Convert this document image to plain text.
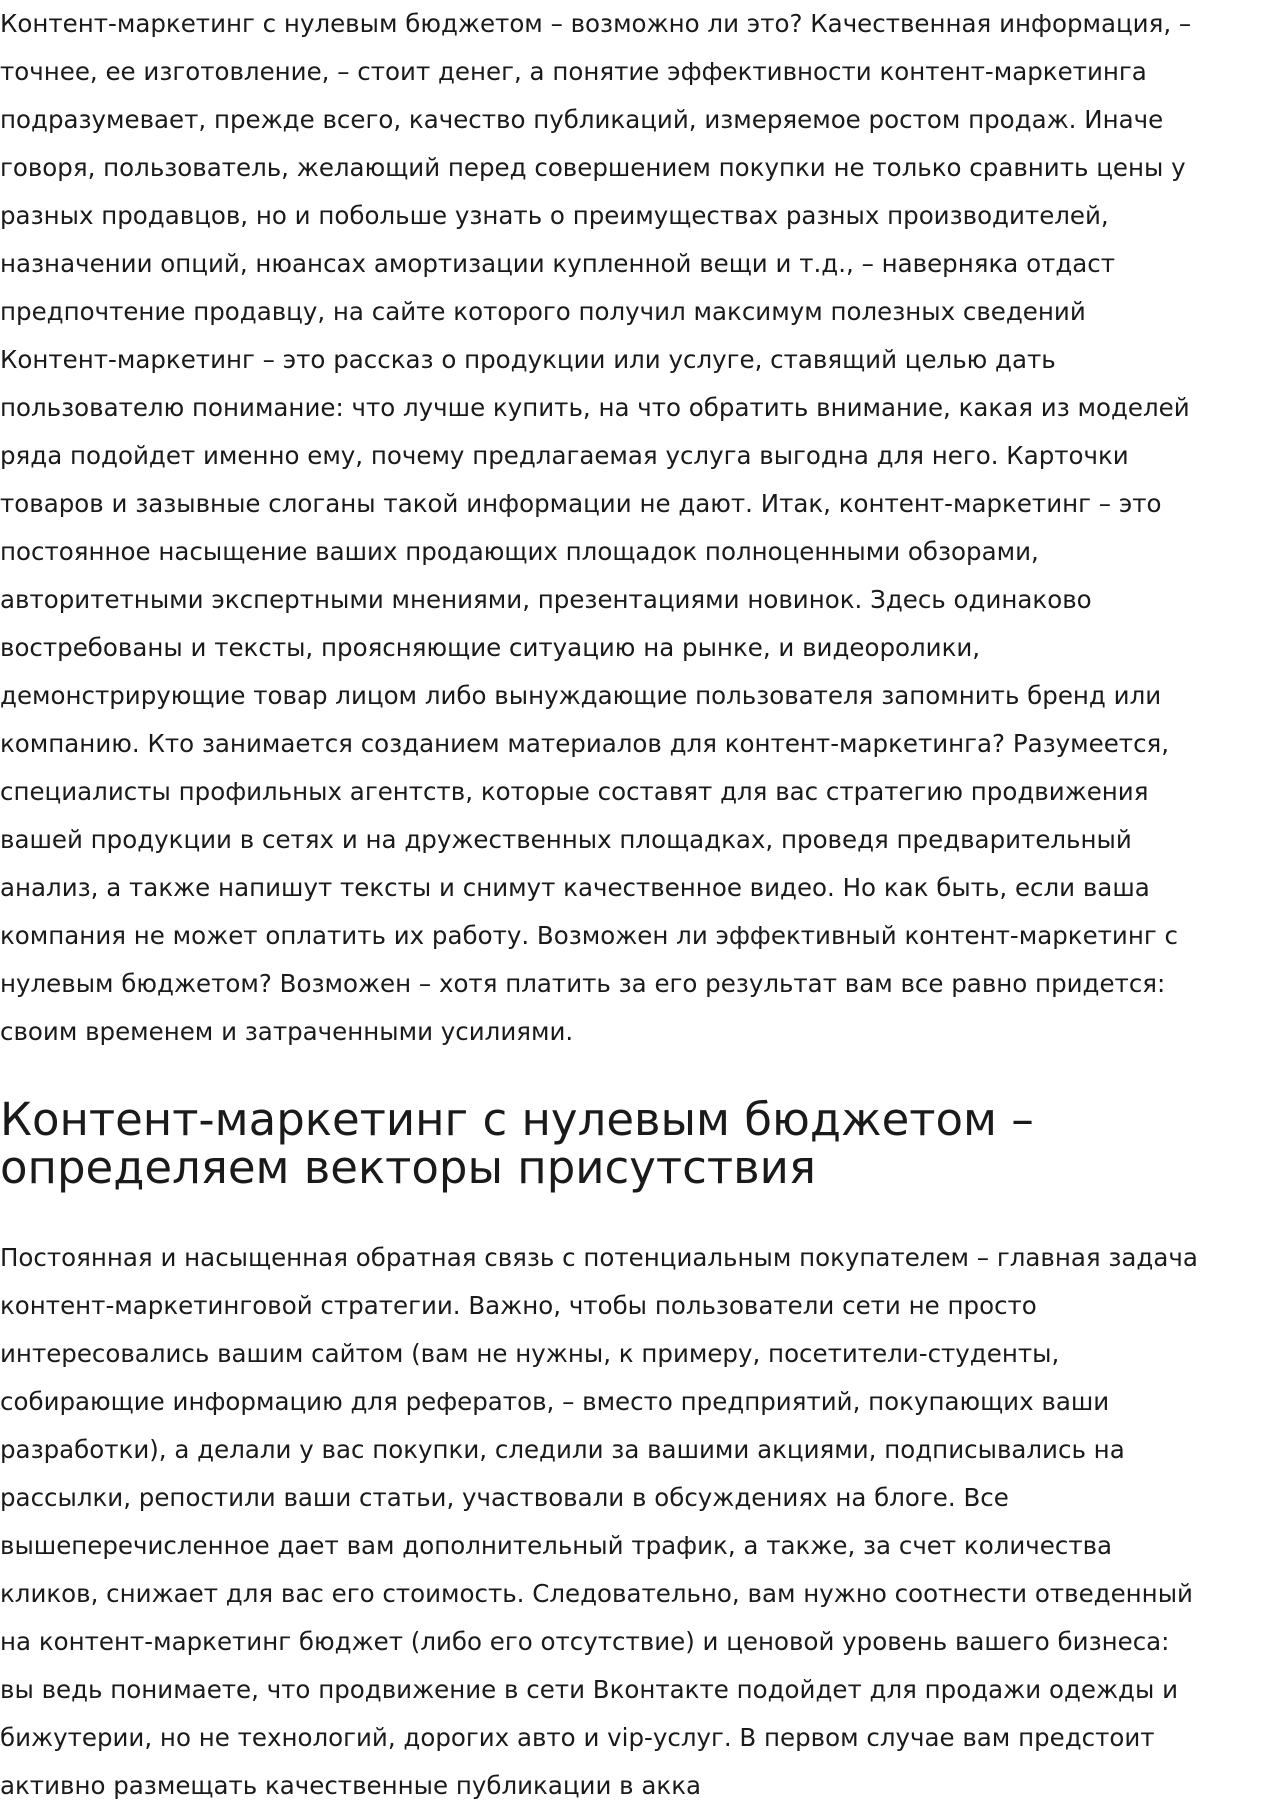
Контент-маркетинг с нулевым бюджетом – возможно ли это? Качественная информация, –
точнее, ее изготовление, – стоит денег, а понятие эффективности контент-маркетинга
подразумевает, прежде всего, качество публикаций, измеряемое ростом продаж. Иначе
говоря, пользователь, желающий перед совершением покупки не только сравнить цены у
разных продавцов, но и побольше узнать о преимуществах разных производителей,
назначении опций, нюансах амортизации купленной вещи и т.д., – наверняка отдаст
предпочтение продавцу, на сайте которого получил максимум полезных сведений
Контент-маркетинг – это рассказ о продукции или услуге, ставящий целью дать
пользователю понимание: что лучше купить, на что обратить внимание, какая из моделей
ряда подойдет именно ему, почему предлагаемая услуга выгодна для него. Карточки
товаров и зазывные слоганы такой информации не дают. Итак, контент-маркетинг – это
постоянное насыщение ваших продающих площадок полноценными обзорами,
авторитетными экспертными мнениями, презентациями новинок. Здесь одинаково
востребованы и тексты, проясняющие ситуацию на рынке, и видеоролики,
демонстрирующие товар лицом либо вынуждающие пользователя запомнить бренд или
компанию. Кто занимается созданием материалов для контент-маркетинга? Разумеется,
специалисты профильных агентств, которые составят для вас стратегию продвижения
вашей продукции в сетях и на дружественных площадках, проведя предварительный
анализ, а также напишут тексты и снимут качественное видео. Но как быть, если ваша
компания не может оплатить их работу. Возможен ли эффективный контент-маркетинг с
нулевым бюджетом? Возможен – хотя платить за его результат вам все равно придется:
своим временем и затраченными усилиями.
Контент-маркетинг с нулевым бюджетом –
определяем векторы присутствия
Постоянная и насыщенная обратная связь с потенциальным покупателем – главная задача
контент-маркетинговой стратегии. Важно, чтобы пользователи сети не просто
интересовались вашим сайтом (вам не нужны, к примеру, посетители-студенты,
собирающие информацию для рефератов, – вместо предприятий, покупающих ваши
разработки), а делали у вас покупки, следили за вашими акциями, подписывались на
рассылки, репостили ваши статьи, участвовали в обсуждениях на блоге. Все
вышеперечисленное дает вам дополнительный трафик, а также, за счет количества
кликов, снижает для вас его стоимость. Следовательно, вам нужно соотнести отведенный
на контент-маркетинг бюджет (либо его отсутствие) и ценовой уровень вашего бизнеса:
вы ведь понимаете, что продвижение в сети Вконтакте подойдет для продажи одежды и
бижутерии, но не технологий, дорогих авто и vip-услуг. В первом случае вам предстоит
активно размещать качественные публикации в акка
